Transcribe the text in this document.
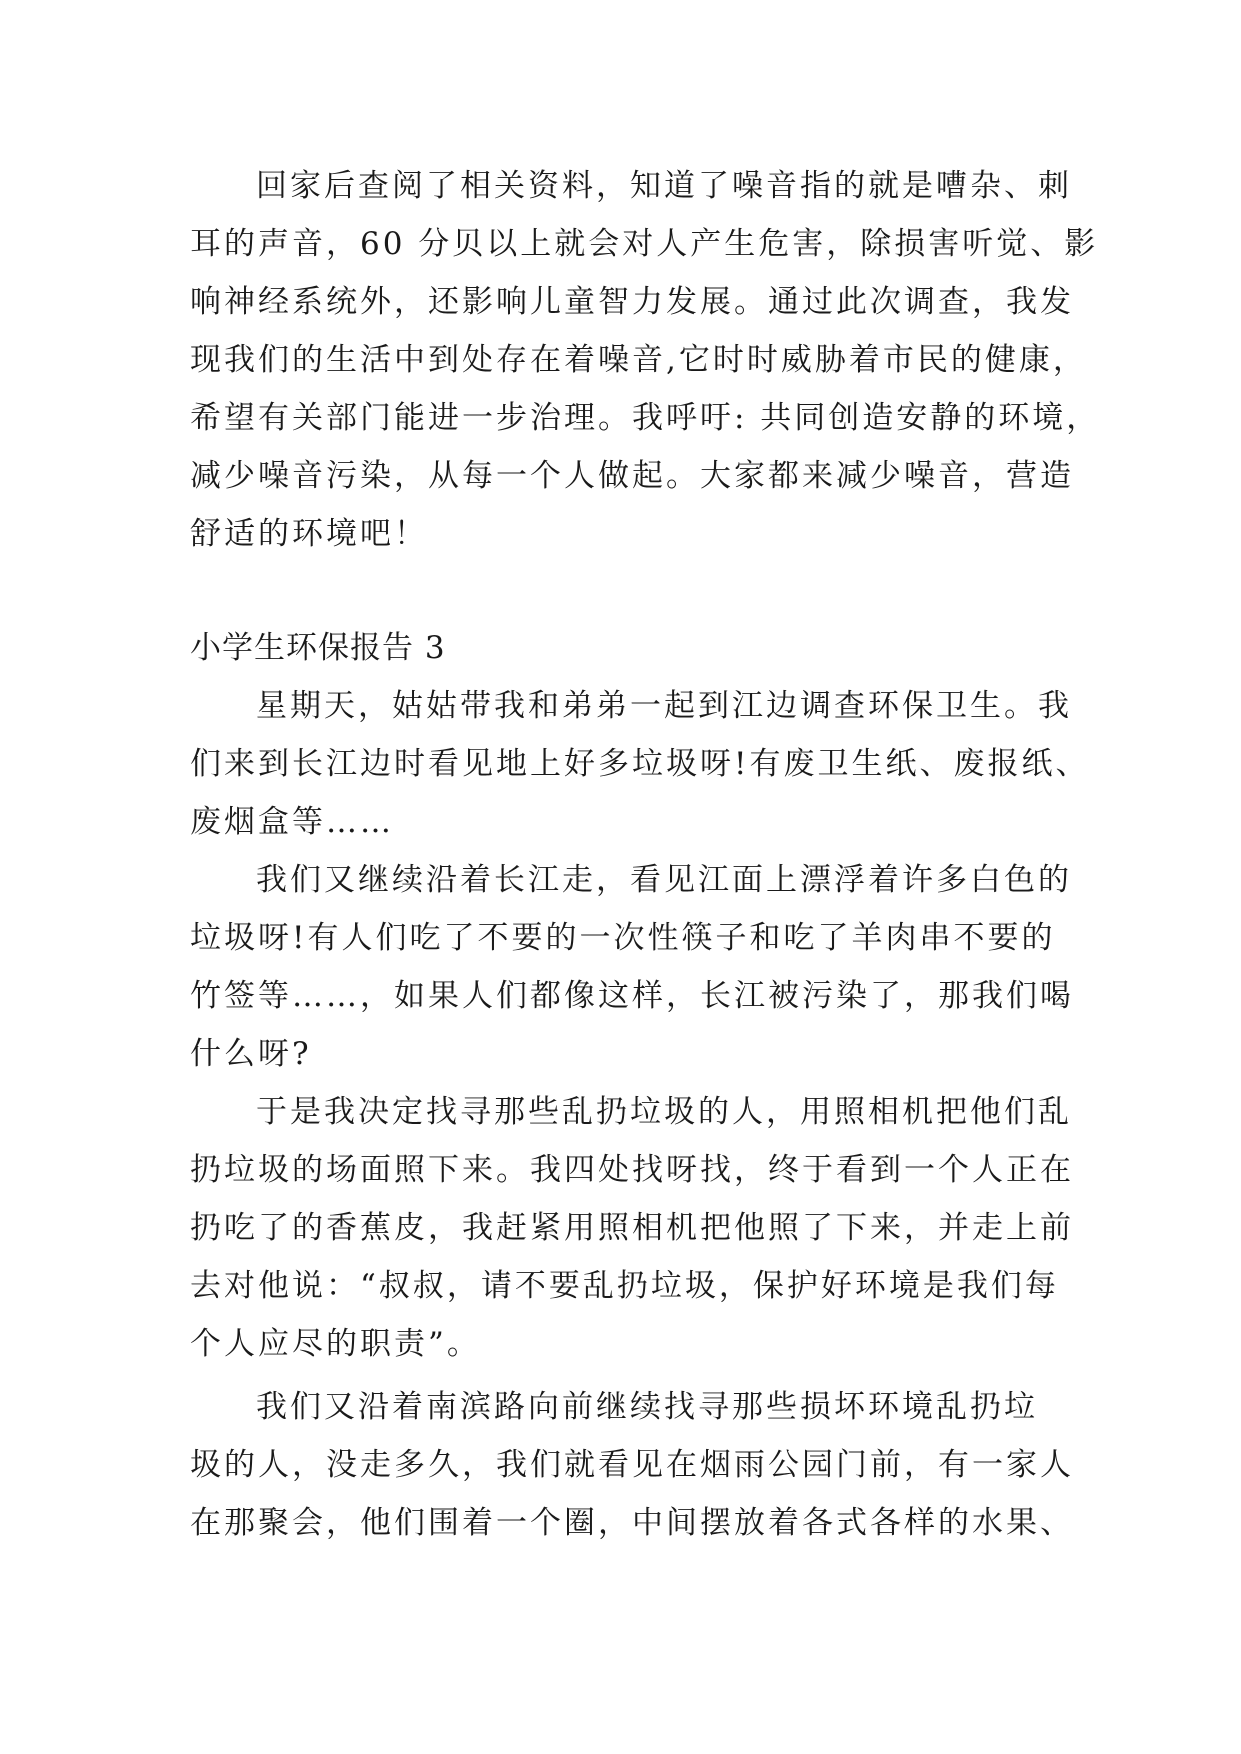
回家后查阅了相关资料，知道了噪音指的就是嘈杂、刺
耳的声音，60 分贝以上就会对人产生危害，除损害听觉、影
响神经系统外，还影响儿童智力发展。通过此次调查，我发
现我们的生活中到处存在着噪音,它时时威胁着市民的健康，
希望有关部门能进一步治理。我呼吁: 共同创造安静的环境，
减少噪音污染，从每一个人做起。大家都来减少噪音，营造
舒适的环境吧！
小学生环保报告 3
星期天，姑姑带我和弟弟一起到江边调查环保卫生。我
们来到长江边时看见地上好多垃圾呀!有废卫生纸、废报纸、
废烟盒等……
我们又继续沿着长江走，看见江面上漂浮着许多白色的
垃圾呀!有人们吃了不要的一次性筷子和吃了羊肉串不要的
竹签等……，如果人们都像这样，长江被污染了，那我们喝
什么呀?
于是我决定找寻那些乱扔垃圾的人，用照相机把他们乱
扔垃圾的场面照下来。我四处找呀找，终于看到一个人正在
扔吃了的香蕉皮，我赶紧用照相机把他照了下来，并走上前
去对他说：“叔叔，请不要乱扔垃圾，保护好环境是我们每
个人应尽的职责”。
我们又沿着南滨路向前继续找寻那些损坏环境乱扔垃
圾的人，没走多久，我们就看见在烟雨公园门前，有一家人
在那聚会，他们围着一个圈，中间摆放着各式各样的水果、
